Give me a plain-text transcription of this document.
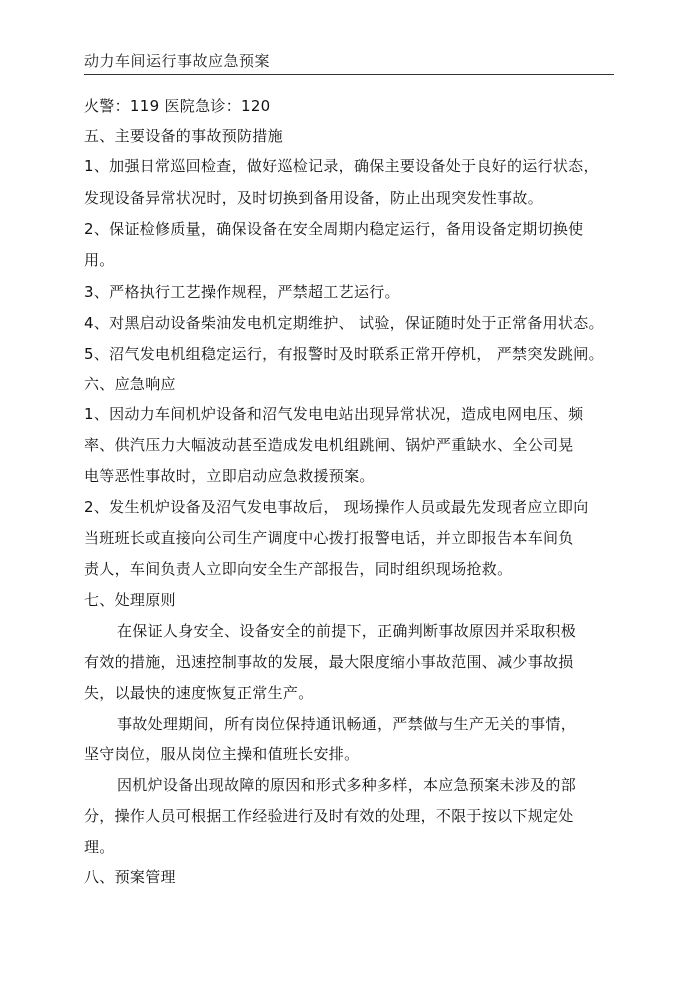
动力车间运行事故应急预案
火警：119 医院急诊：120
五、主要设备的事故预防措施
1、加强日常巡回检查，做好巡检记录，确保主要设备处于良好的运行状态，
发现设备异常状况时，及时切换到备用设备，防止出现突发性事故。
2、保证检修质量，确保设备在安全周期内稳定运行，备用设备定期切换使
用。
3、严格执行工艺操作规程，严禁超工艺运行。
4、对黑启动设备柴油发电机定期维护、 试验，保证随时处于正常备用状态。
5、沼气发电机组稳定运行，有报警时及时联系正常开停机， 严禁突发跳闸。
六、应急响应
1、因动力车间机炉设备和沼气发电电站出现异常状况，造成电网电压、频
率、供汽压力大幅波动甚至造成发电机组跳闸、锅炉严重缺水、全公司晃
电等恶性事故时，立即启动应急救援预案。
2、发生机炉设备及沼气发电事故后， 现场操作人员或最先发现者应立即向
当班班长或直接向公司生产调度中心拨打报警电话，并立即报告本车间负
责人，车间负责人立即向安全生产部报告，同时组织现场抢救。
七、处理原则
在保证人身安全、设备安全的前提下，正确判断事故原因并采取积极
有效的措施，迅速控制事故的发展，最大限度缩小事故范围、减少事故损
失，以最快的速度恢复正常生产。
事故处理期间，所有岗位保持通讯畅通，严禁做与生产无关的事情，
坚守岗位，服从岗位主操和值班长安排。
因机炉设备出现故障的原因和形式多种多样，本应急预案未涉及的部
分，操作人员可根据工作经验进行及时有效的处理，不限于按以下规定处
理。
八、预案管理
